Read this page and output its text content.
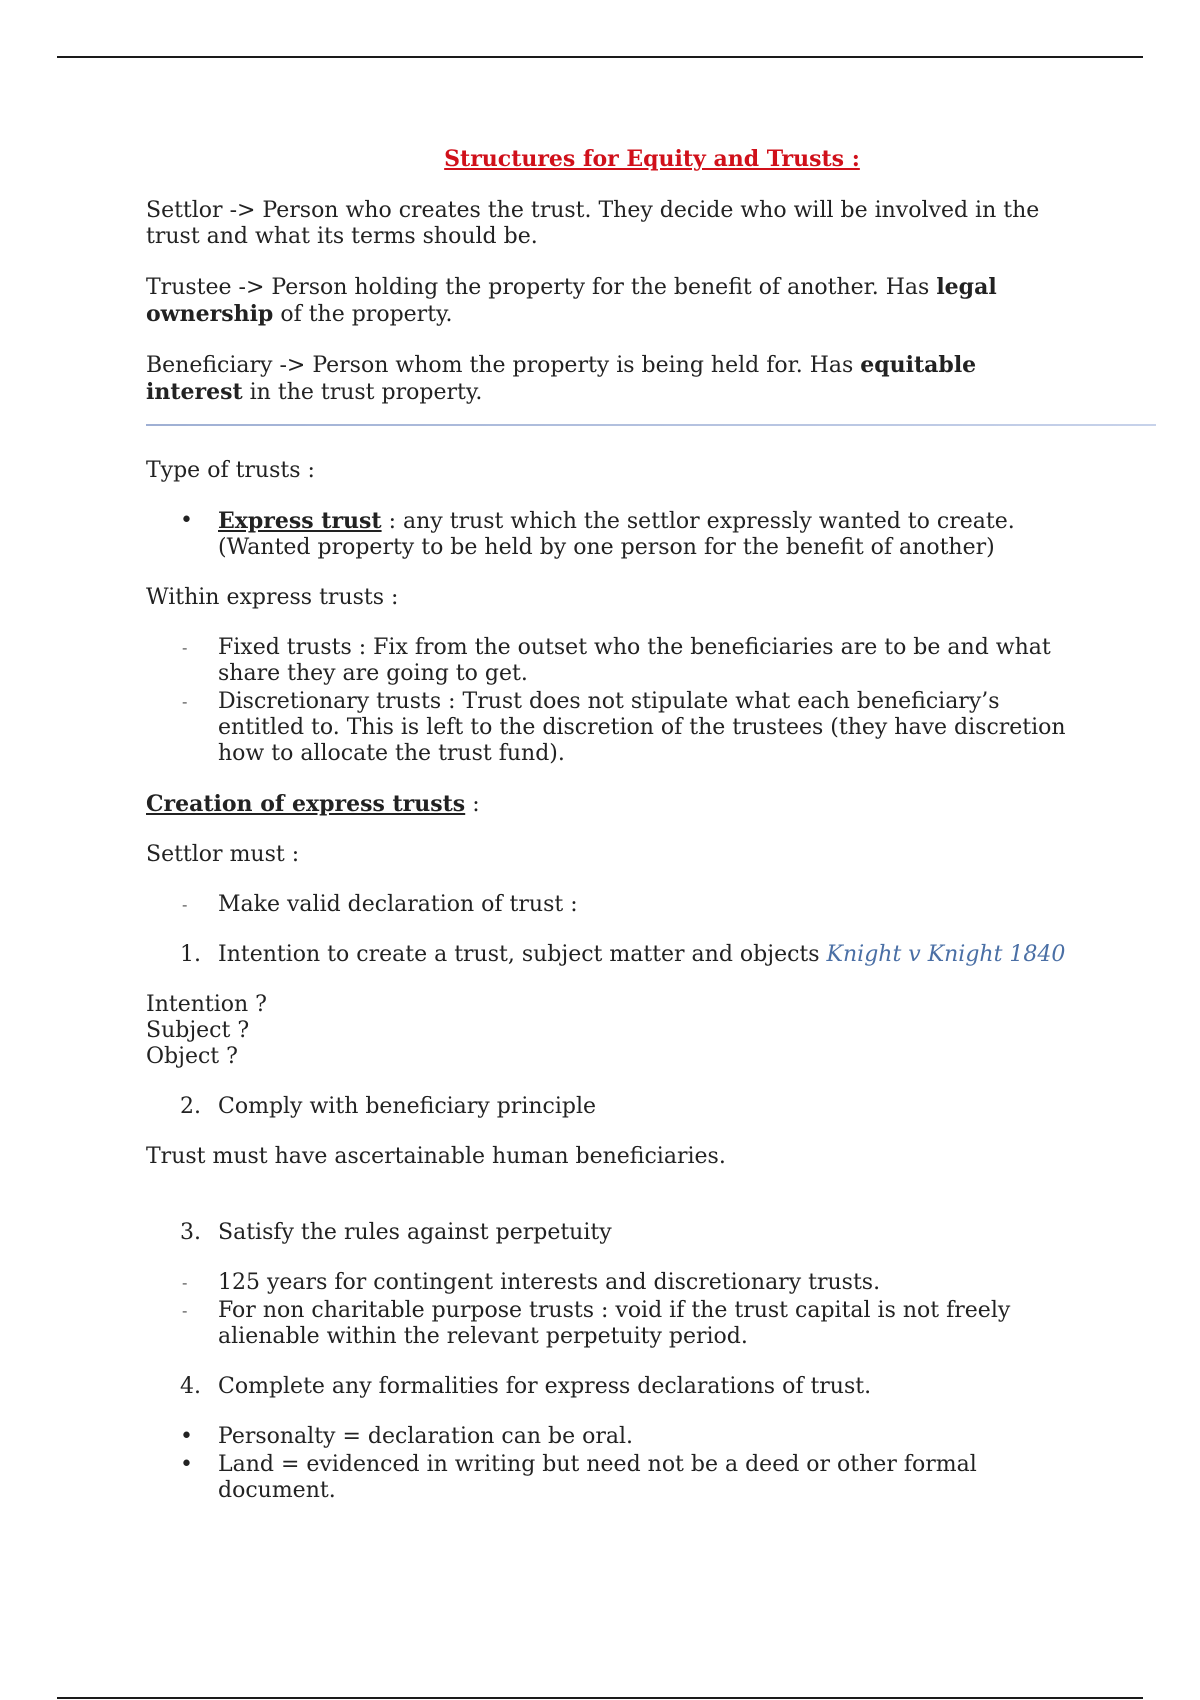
Structures for Equity and Trusts :

Settlor -> Person who creates the trust. They decide who will be involved in the trust and what its terms should be.

Trustee -> Person holding the property for the benefit of another. Has legal ownership of the property.

Beneficiary -> Person whom the property is being held for. Has equitable interest in the trust property.

Type of trusts :

•	Express trust : any trust which the settlor expressly wanted to create. (Wanted property to be held by one person for the benefit of another)

Within express trusts :

-	Fixed trusts : Fix from the outset who the beneficiaries are to be and what share they are going to get.
-	Discretionary trusts : Trust does not stipulate what each beneficiary’s entitled to. This is left to the discretion of the trustees (they have discretion how to allocate the trust fund).

Creation of express trusts :

Settlor must :

-	Make valid declaration of trust :
1. Intention to create a trust, subject matter and objects Knight v Knight 1840

Intention ?

Subject ?

Object ?

2. Comply with beneficiary principle

Trust must have ascertainable human beneficiaries.

3. Satisfy the rules against perpetuity
-	125 years for contingent interests and discretionary trusts.
-	For non charitable purpose trusts : void if the trust capital is not freely alienable within the relevant perpetuity period.
4. Complete any formalities for express declarations of trust.
•	Personalty = declaration can be oral.
•	Land = evidenced in writing but need not be a deed or other formal document.
